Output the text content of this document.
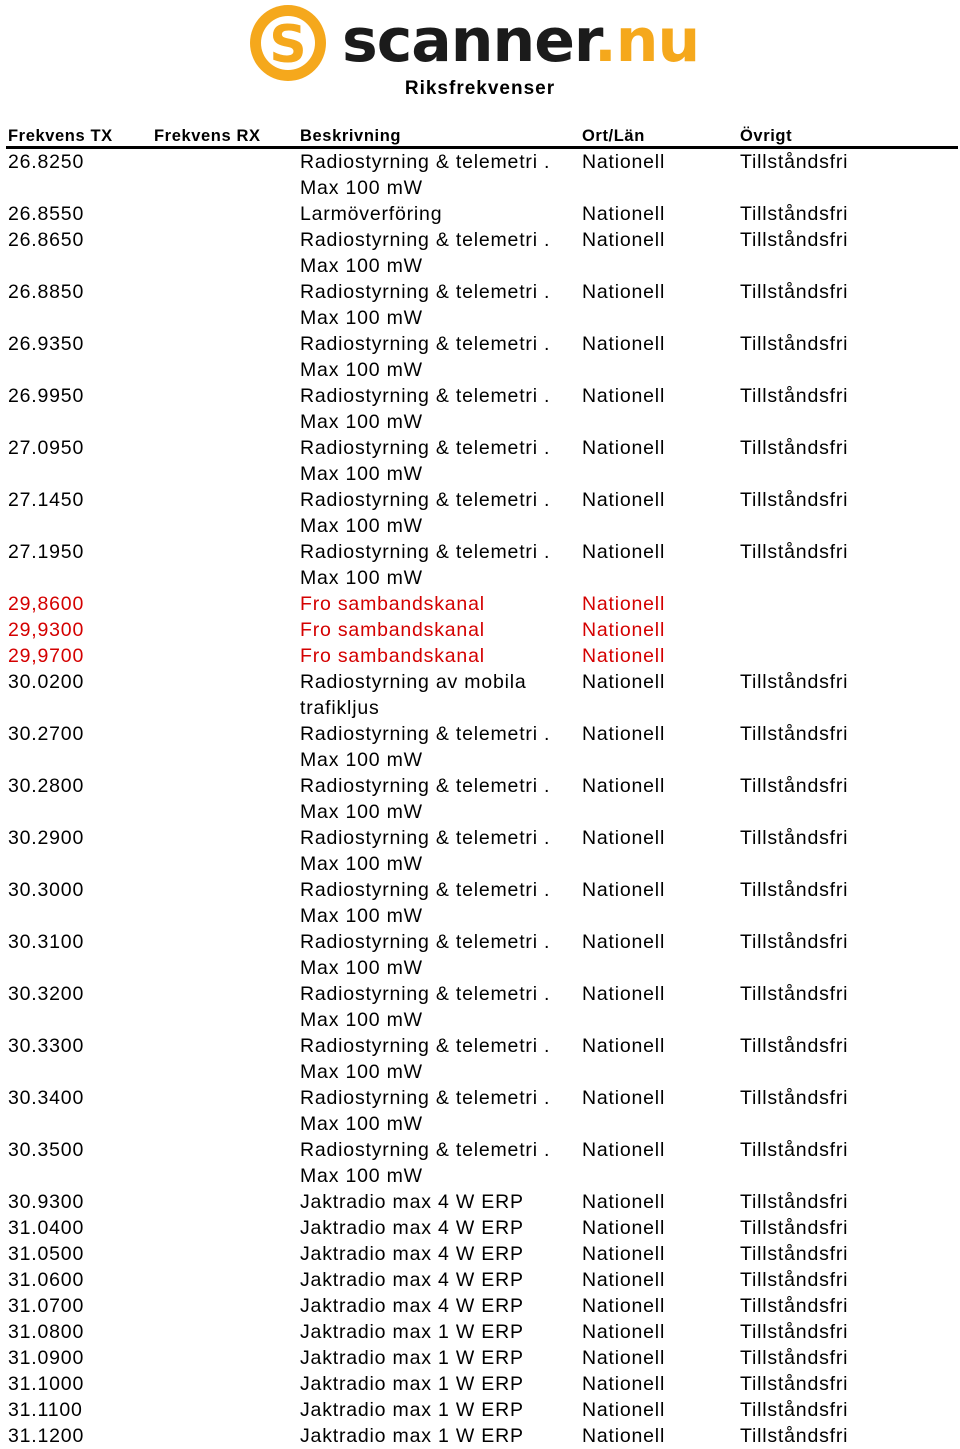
S scanner.nu
Riksfrekvenser
Frekvens TX	Frekvens RX	Beskrivning	Ort/Län	Övrigt
26.8250		Radiostyrning & telemetri . Max 100 mW	Nationell	Tillståndsfri
26.8550		Larmöverföring	Nationell	Tillståndsfri
26.8650		Radiostyrning & telemetri . Max 100 mW	Nationell	Tillståndsfri
26.8850		Radiostyrning & telemetri . Max 100 mW	Nationell	Tillståndsfri
26.9350		Radiostyrning & telemetri . Max 100 mW	Nationell	Tillståndsfri
26.9950		Radiostyrning & telemetri . Max 100 mW	Nationell	Tillståndsfri
27.0950		Radiostyrning & telemetri . Max 100 mW	Nationell	Tillståndsfri
27.1450		Radiostyrning & telemetri . Max 100 mW	Nationell	Tillståndsfri
27.1950		Radiostyrning & telemetri . Max 100 mW	Nationell	Tillståndsfri
29,8600		Fro sambandskanal	Nationell	
29,9300		Fro sambandskanal	Nationell	
29,9700		Fro sambandskanal	Nationell	
30.0200		Radiostyrning av mobila trafikljus	Nationell	Tillståndsfri
30.2700		Radiostyrning & telemetri . Max 100 mW	Nationell	Tillståndsfri
30.2800		Radiostyrning & telemetri . Max 100 mW	Nationell	Tillståndsfri
30.2900		Radiostyrning & telemetri . Max 100 mW	Nationell	Tillståndsfri
30.3000		Radiostyrning & telemetri . Max 100 mW	Nationell	Tillståndsfri
30.3100		Radiostyrning & telemetri . Max 100 mW	Nationell	Tillståndsfri
30.3200		Radiostyrning & telemetri . Max 100 mW	Nationell	Tillståndsfri
30.3300		Radiostyrning & telemetri . Max 100 mW	Nationell	Tillståndsfri
30.3400		Radiostyrning & telemetri . Max 100 mW	Nationell	Tillståndsfri
30.3500		Radiostyrning & telemetri . Max 100 mW	Nationell	Tillståndsfri
30.9300		Jaktradio max 4 W ERP	Nationell	Tillståndsfri
31.0400		Jaktradio max 4 W ERP	Nationell	Tillståndsfri
31.0500		Jaktradio max 4 W ERP	Nationell	Tillståndsfri
31.0600		Jaktradio max 4 W ERP	Nationell	Tillståndsfri
31.0700		Jaktradio max 4 W ERP	Nationell	Tillståndsfri
31.0800		Jaktradio max 1 W ERP	Nationell	Tillståndsfri
31.0900		Jaktradio max 1 W ERP	Nationell	Tillståndsfri
31.1000		Jaktradio max 1 W ERP	Nationell	Tillståndsfri
31.1100		Jaktradio max 1 W ERP	Nationell	Tillståndsfri
31.1200		Jaktradio max 1 W ERP	Nationell	Tillståndsfri
